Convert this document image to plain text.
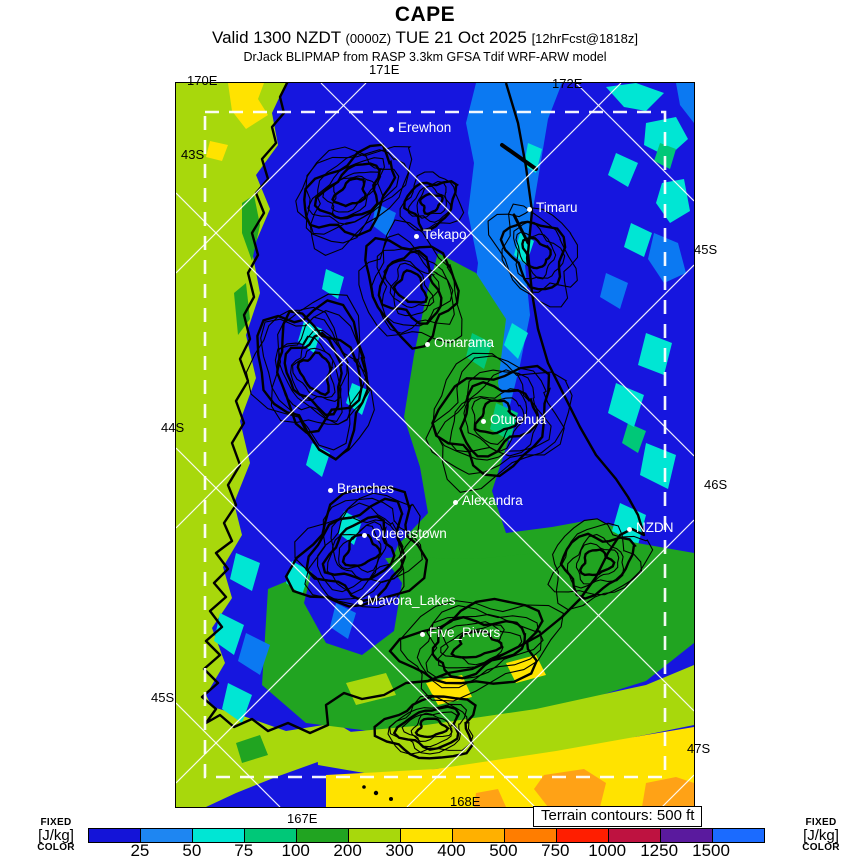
CAPE
Valid 1300 NZDT (0000Z) TUE 21 Oct 2025 [12hrFcst@1818z]
DrJack BLIPMAP from RASP 3.3km GFSA Tdif WRF-ARW model
Erewhon
Timaru
Tekapo
Omarama
Oturehua
Branches
Alexandra
Queenstown	NZDN
Mavora_Lakes
Five_Rivers
170E
171E
172E
43S
44S
45S
45S
46S
47S
168E
167E	Terrain contours: 500 ft
25 50 75 100 200 300 400 500 750 1000 1250 1500
FIXED
[J/kg]
COLOR
FIXED
[J/kg]
COLOR
